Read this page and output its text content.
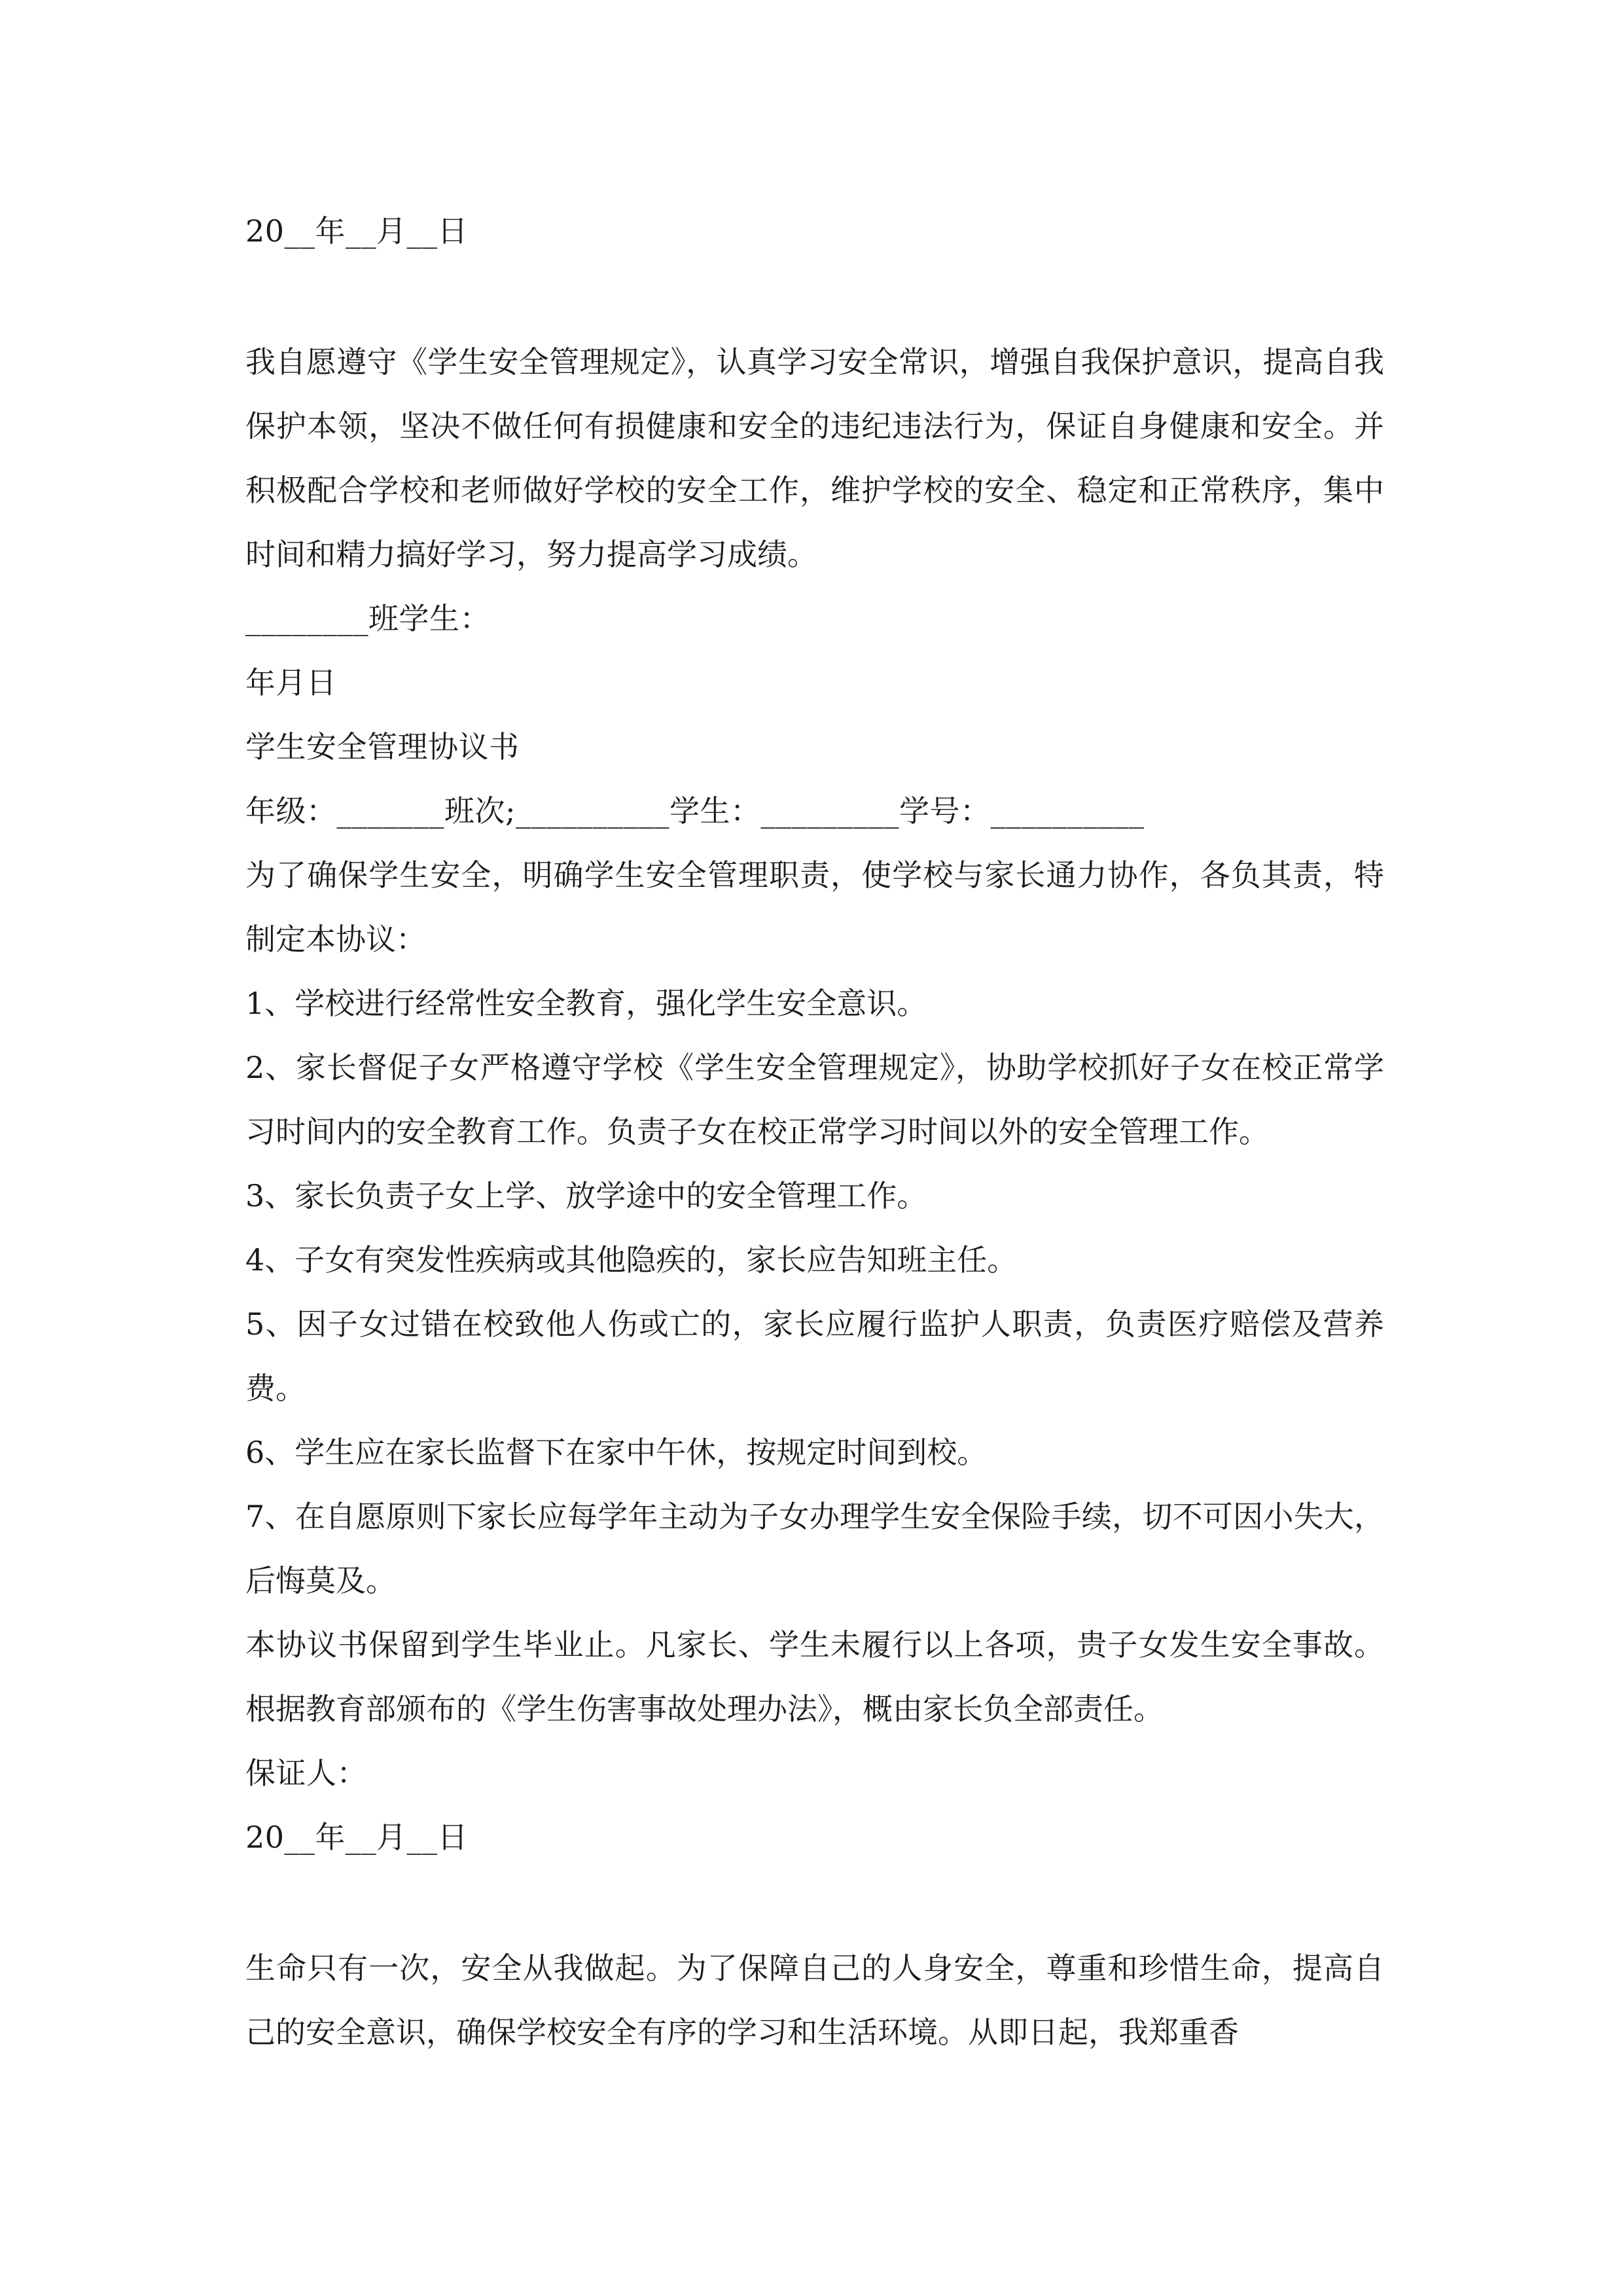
20__年__月__日
我自愿遵守《学生安全管理规定》，认真学习安全常识，增强自我保护意识，提高自我保护本领，坚决不做任何有损健康和安全的违纪违法行为，保证自身健康和安全。并积极配合学校和老师做好学校的安全工作，维护学校的安全、稳定和正常秩序，集中时间和精力搞好学习，努力提高学习成绩。
________班学生：
年月日
学生安全管理协议书
年级：_______班次;__________学生：_________学号：__________
为了确保学生安全，明确学生安全管理职责，使学校与家长通力协作，各负其责，特制定本协议：
1、学校进行经常性安全教育，强化学生安全意识。
2、家长督促子女严格遵守学校《学生安全管理规定》，协助学校抓好子女在校正常学习时间内的安全教育工作。负责子女在校正常学习时间以外的安全管理工作。
3、家长负责子女上学、放学途中的安全管理工作。
4、子女有突发性疾病或其他隐疾的，家长应告知班主任。
5、因子女过错在校致他人伤或亡的，家长应履行监护人职责，负责医疗赔偿及营养费。
6、学生应在家长监督下在家中午休，按规定时间到校。
7、在自愿原则下家长应每学年主动为子女办理学生安全保险手续，切不可因小失大，后悔莫及。
本协议书保留到学生毕业止。凡家长、学生未履行以上各项，贵子女发生安全事故。根据教育部颁布的《学生伤害事故处理办法》，概由家长负全部责任。
保证人：
20__年__月__日
生命只有一次，安全从我做起。为了保障自己的人身安全，尊重和珍惜生命，提高自己的安全意识，确保学校安全有序的学习和生活环境。从即日起，我郑重香
